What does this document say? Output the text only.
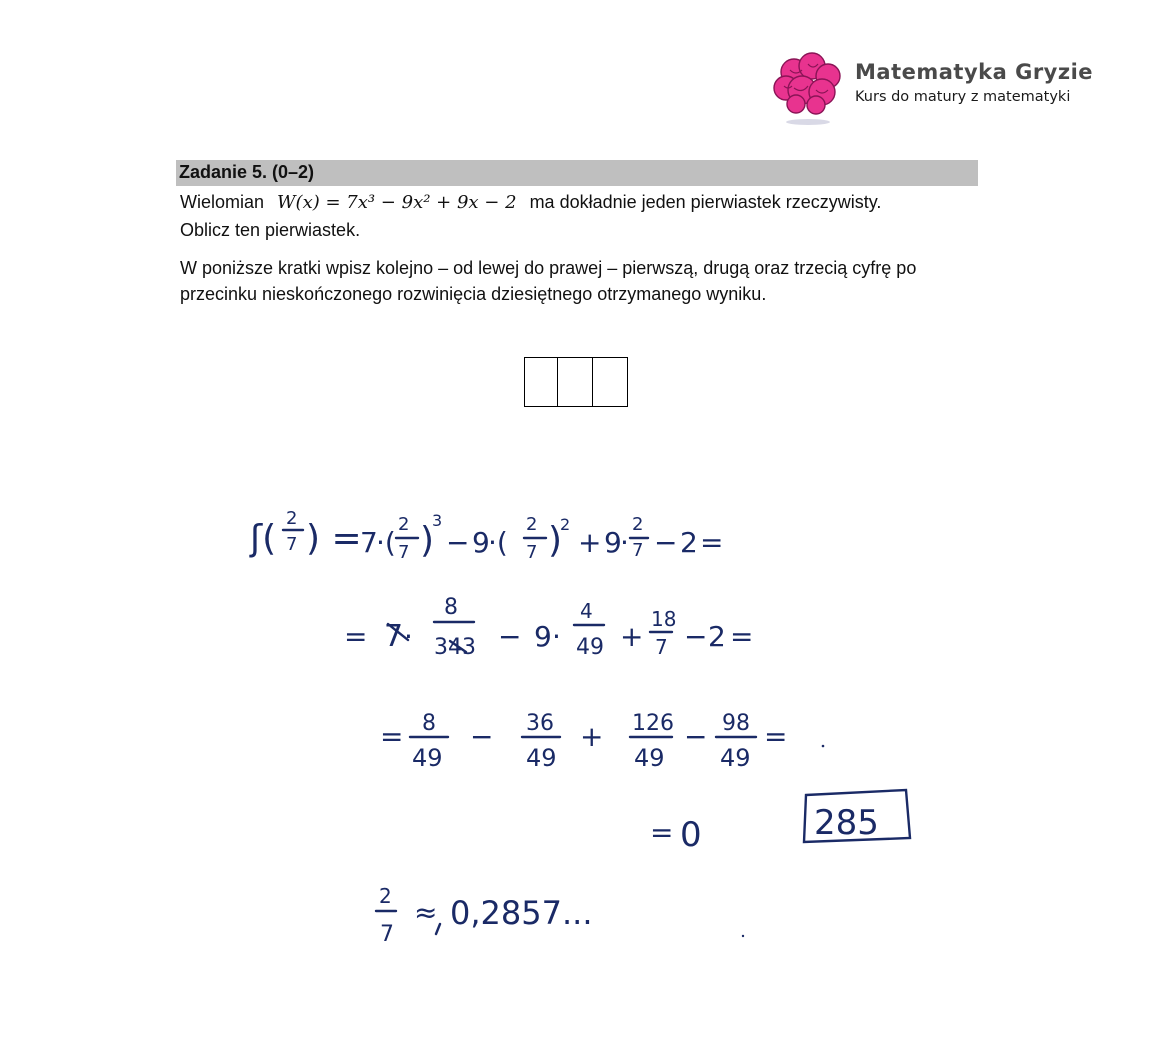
Matematyka Gryzie
Kurs do matury z matematyki
Zadanie 5. (0–2)
Wielomian W(x) = 7x³ − 9x² + 9x − 2 ma dokładnie jeden pierwiastek rzeczywisty.
Oblicz ten pierwiastek.
W poniższe kratki wpisz kolejno – od lewej do prawej – pierwszą, drugą oraz trzecią cyfrę po
przecinku nieskończonego rozwinięcia dziesiętnego otrzymanego wyniku.
ʃ( 2
7 ) =
7
·(
2
7 )
3
− 9
·(
2
7 )
2
+ 9
·
2
7 − 2 =
= 7 ·
8
343 − 9 ·
4
49 +
18
7 − 2 =
= 8
49
− 36
49
+ 126
49
− 98
49
=
= 0	285
2
7
≈ 0,2857...
